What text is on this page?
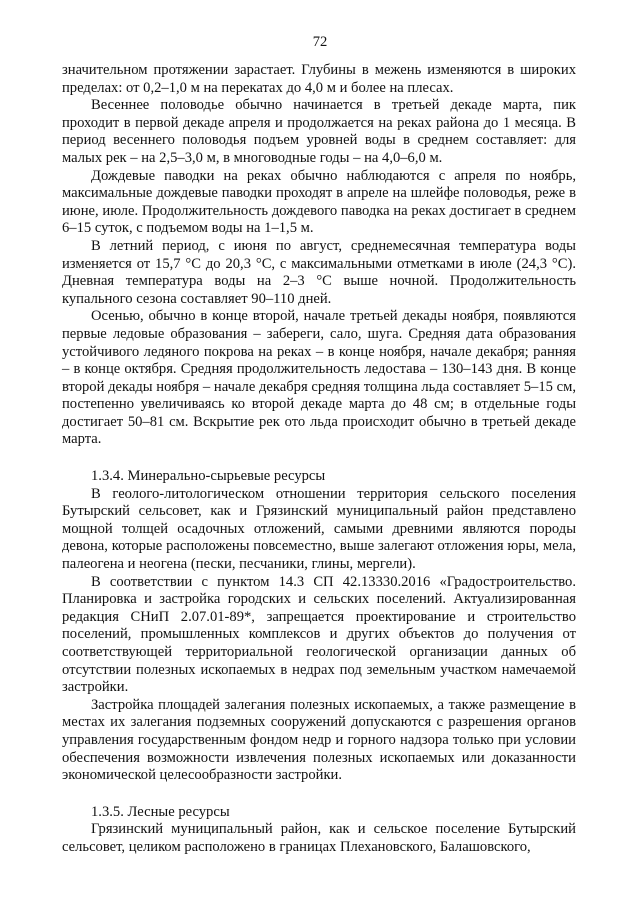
72

значительном протяжении зарастает. Глубины в межень изменяются в широких пределах: от 0,2–1,0 м на перекатах до 4,0 м и более на плесах.

Весеннее половодье обычно начинается в третьей декаде марта, пик проходит в первой декаде апреля и продолжается на реках района до 1 месяца. В период весеннего половодья подъем уровней воды в среднем составляет: для малых рек – на 2,5–3,0 м, в многоводные годы – на 4,0–6,0 м.

Дождевые паводки на реках обычно наблюдаются с апреля по ноябрь, максимальные дождевые паводки проходят в апреле на шлейфе половодья, реже в июне, июле. Продолжительность дождевого паводка на реках достигает в среднем 6–15 суток, с подъемом воды на 1–1,5 м.

В летний период, с июня по август, среднемесячная температура воды изменяется от 15,7 °С до 20,3 °С, с максимальными отметками в июле (24,3 °С). Дневная температура воды на 2–3 °С выше ночной. Продолжительность купального сезона составляет 90–110 дней.

Осенью, обычно в конце второй, начале третьей декады ноября, появляются первые ледовые образования – забереги, сало, шуга. Средняя дата образования устойчивого ледяного покрова на реках – в конце ноября, начале декабря; ранняя – в конце октября. Средняя продолжительность ледостава – 130–143 дня. В конце второй декады ноября – начале декабря средняя толщина льда составляет 5–15 см, постепенно увеличиваясь ко второй декаде марта до 48 см; в отдельные годы достигает 50–81 см. Вскрытие рек ото льда происходит обычно в третьей декаде марта.

1.3.4. Минерально-сырьевые ресурсы

В геолого-литологическом отношении территория сельского поселения Бутырский сельсовет, как и Грязинский муниципальный район представлено мощной толщей осадочных отложений, самыми древними являются породы девона, которые расположены повсеместно, выше залегают отложения юры, мела, палеогена и неогена (пески, песчаники, глины, мергели).

В соответствии с пунктом 14.3 СП 42.13330.2016 «Градостроительство. Планировка и застройка городских и сельских поселений. Актуализированная редакция СНиП 2.07.01-89*, запрещается проектирование и строительство поселений, промышленных комплексов и других объектов до получения от соответствующей территориальной геологической организации данных об отсутствии полезных ископаемых в недрах под земельным участком намечаемой застройки.

Застройка площадей залегания полезных ископаемых, а также размещение в местах их залегания подземных сооружений допускаются с разрешения органов управления государственным фондом недр и горного надзора только при условии обеспечения возможности извлечения полезных ископаемых или доказанности экономической целесообразности застройки.

1.3.5. Лесные ресурсы

Грязинский муниципальный район, как и сельское поселение Бутырский сельсовет, целиком расположено в границах Плехановского, Балашовского,
